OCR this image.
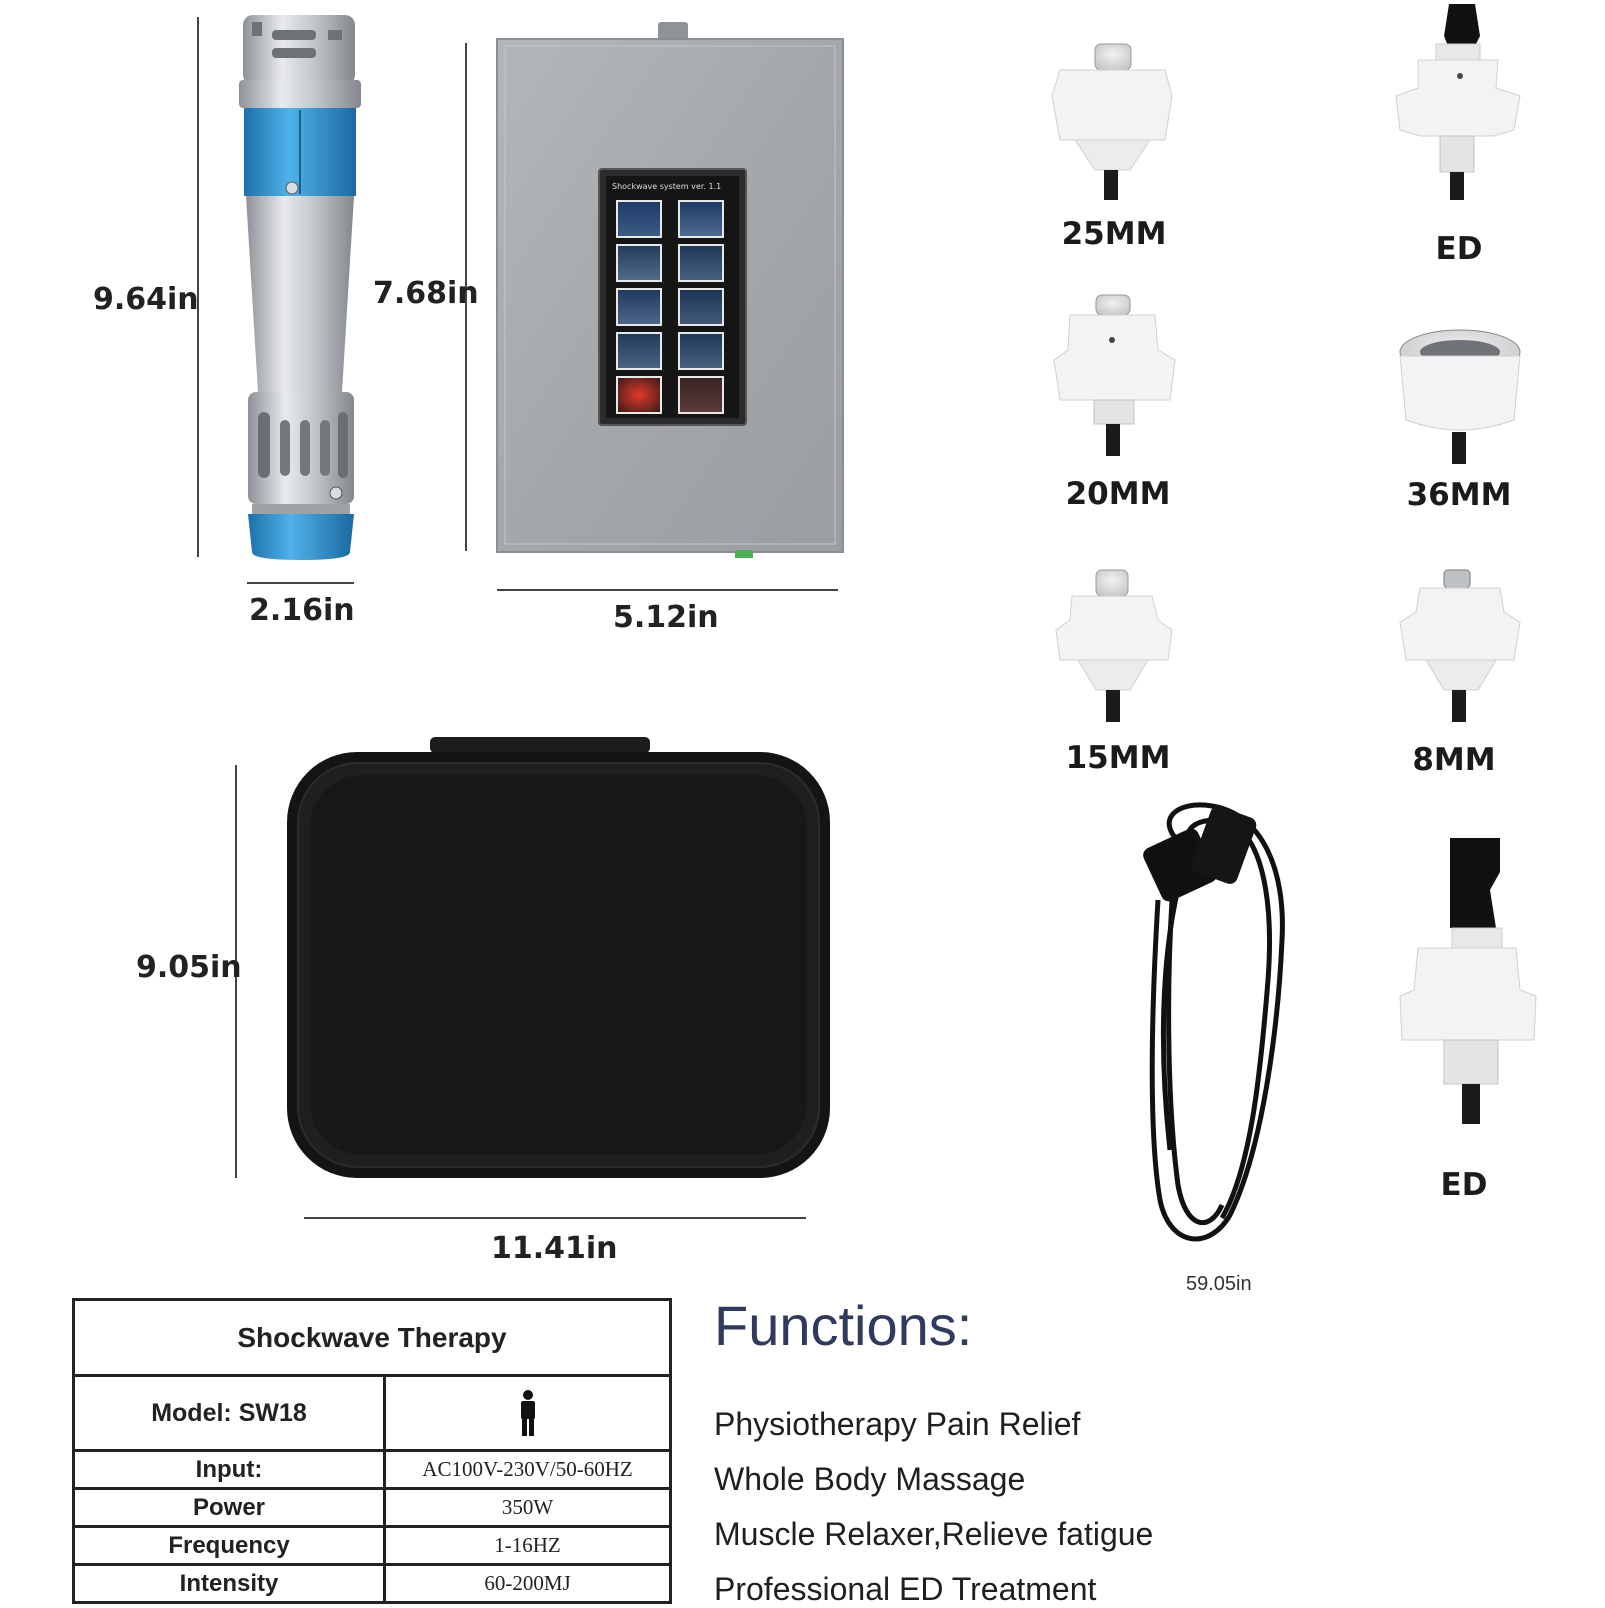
Shockwave system ver. 1.1
9.64in
2.16in
7.68in
5.12in
9.05in
11.41in
59.05in
25MM	ED
20MM	36MM
15MM	8MM
ED
Shockwave Therapy	
Model: SW18	
Input:	AC100V-230V/50-60HZ
Power	350W
Frequency	1-16HZ
Intensity	60-200MJ
Functions:
Physiotherapy Pain Relief
Whole Body Massage
Muscle Relaxer,Relieve fatigue
Professional ED Treatment
